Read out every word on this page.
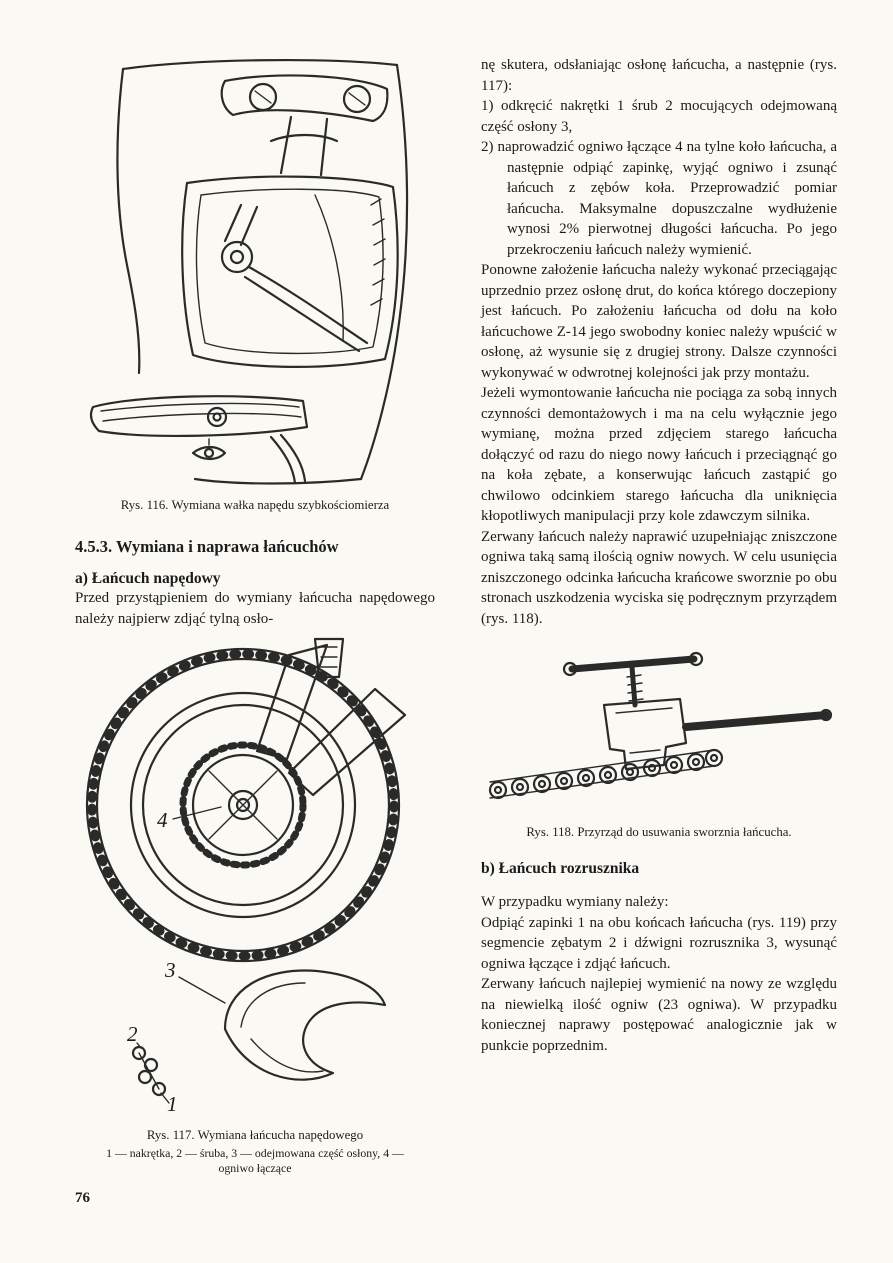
Rys. 116. Wymiana wałka napędu szybkościomierza
4.5.3. Wymiana i naprawa łańcuchów
a) Łańcuch napędowy

Przed przystąpieniem do wymiany łańcucha napędowego należy najpierw zdjąć tylną osło-

4
3
2
1
Rys. 117. Wymiana łańcucha napędowego
1 — nakrętka, 2 — śruba, 3 — odejmowana część osłony, 4 — ogniwo łączące
76

nę skutera, odsłaniając osłonę łańcucha, a następnie (rys. 117):

1) odkręcić nakrętki 1 śrub 2 mocujących odejmowaną część osłony 3,

2) naprowadzić ogniwo łączące 4 na tylne koło łańcucha, a następnie odpiąć zapinkę, wyjąć ogniwo i zsunąć łańcuch z zębów koła. Przeprowadzić pomiar łańcucha. Maksymalne dopuszczalne wydłużenie wynosi 2% pierwotnej długości łańcucha. Po jego przekroczeniu łańcuch należy wymienić.

Ponowne założenie łańcucha należy wykonać przeciągając uprzednio przez osłonę drut, do końca którego doczepiony jest łańcuch. Po założeniu łańcucha od dołu na koło łańcuchowe Z-14 jego swobodny koniec należy wpuścić w osłonę, aż wysunie się z drugiej strony. Dalsze czynności wykonywać w odwrotnej kolejności jak przy montażu.

Jeżeli wymontowanie łańcucha nie pociąga za sobą innych czynności demontażowych i ma na celu wyłącznie jego wymianę, można przed zdjęciem starego łańcucha dołączyć od razu do niego nowy łańcuch i przeciągnąć go na koła zębate, a konserwując łańcuch zastąpić go chwilowo odcinkiem starego łańcucha dla uniknięcia kłopotliwych manipulacji przy kole zdawczym silnika.

Zerwany łańcuch należy naprawić uzupełniając zniszczone ogniwa taką samą ilością ogniw nowych. W celu usunięcia zniszczonego odcinka łańcucha krańcowe sworznie po obu stronach uszkodzenia wyciska się podręcznym przyrządem (rys. 118).

Rys. 118. Przyrząd do usuwania sworznia łańcucha.
b) Łańcuch rozrusznika

W przypadku wymiany należy:

Odpiąć zapinki 1 na obu końcach łańcucha (rys. 119) przy segmencie zębatym 2 i dźwigni rozrusznika 3, wysunąć ogniwa łączące i zdjąć łańcuch.

Zerwany łańcuch najlepiej wymienić na nowy ze względu na niewielką ilość ogniw (23 ogniwa). W przypadku koniecznej naprawy postępować analogicznie jak w punkcie poprzednim.
